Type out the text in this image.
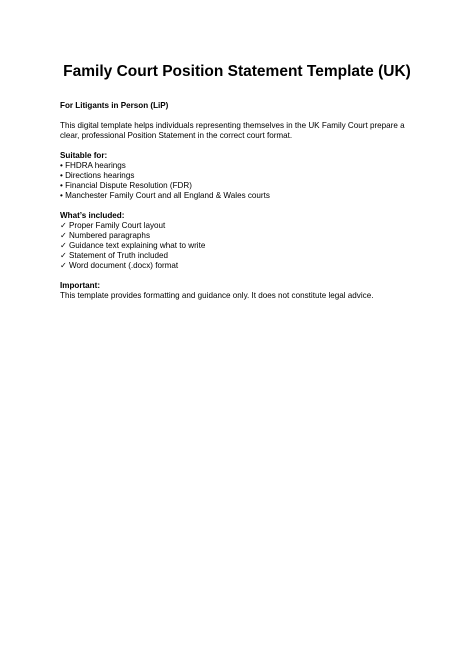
Family Court Position Statement Template (UK)

For Litigants in Person (LiP)

This digital template helps individuals representing themselves in the UK Family Court prepare a clear, professional Position Statement in the correct court format.

Suitable for:

• FHDRA hearings
• Directions hearings
• Financial Dispute Resolution (FDR)
• Manchester Family Court and all England & Wales courts

What’s included:

✓ Proper Family Court layout
✓ Numbered paragraphs
✓ Guidance text explaining what to write
✓ Statement of Truth included
✓ Word document (.docx) format

Important:

This template provides formatting and guidance only. It does not constitute legal advice.
